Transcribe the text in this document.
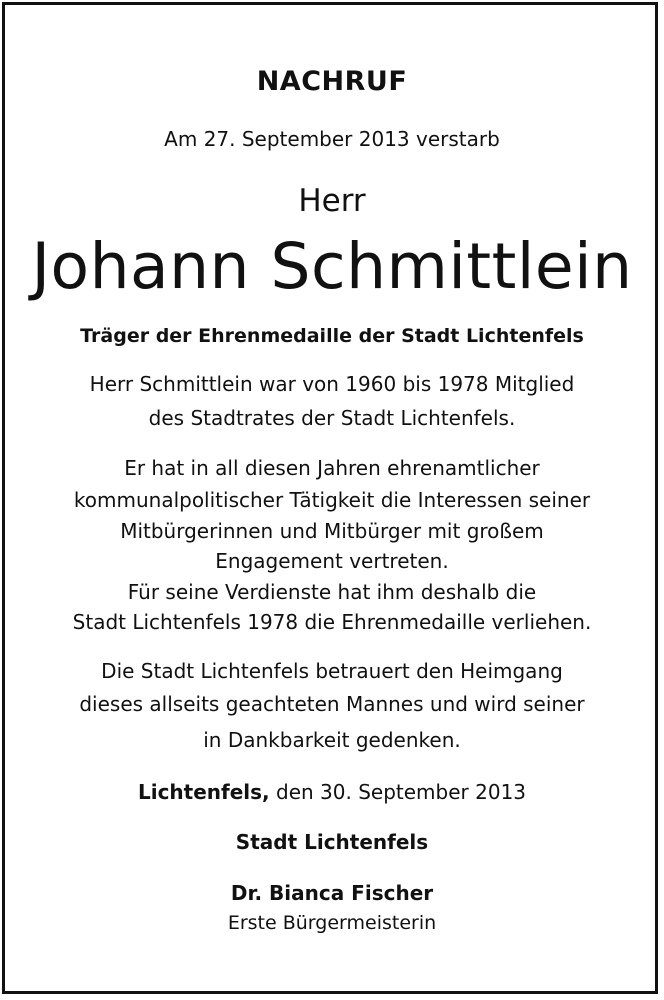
NACHRUF
Am 27. September 2013 verstarb
Herr
Johann Schmittlein
Träger der Ehrenmedaille der Stadt Lichtenfels
Herr Schmittlein war von 1960 bis 1978 Mitglied
des Stadtrates der Stadt Lichtenfels.
Er hat in all diesen Jahren ehrenamtlicher
kommunalpolitischer Tätigkeit die Interessen seiner
Mitbürgerinnen und Mitbürger mit großem
Engagement vertreten.
Für seine Verdienste hat ihm deshalb die
Stadt Lichtenfels 1978 die Ehrenmedaille verliehen.
Die Stadt Lichtenfels betrauert den Heimgang
dieses allseits geachteten Mannes und wird seiner
in Dankbarkeit gedenken.
Lichtenfels, den 30. September 2013
Stadt Lichtenfels
Dr. Bianca Fischer
Erste Bürgermeisterin
